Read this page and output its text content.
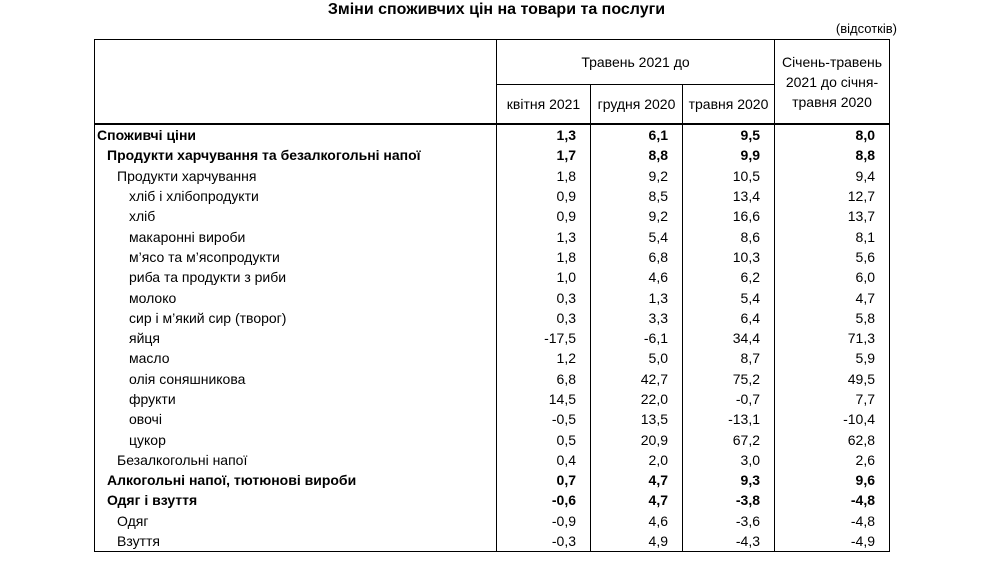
Зміни споживчих цін на товари та послуги
(відсотків)
	Травень 2021 до			Січень-травень 2021 до січня-травня 2020
	квітня 2021	грудня 2020	травня 2020	
Споживчі ціни	1,3	6,1	9,5	8,0
Продукти харчування та безалкогольні напої	1,7	8,8	9,9	8,8
Продукти харчування	1,8	9,2	10,5	9,4
хліб і хлібопродукти	0,9	8,5	13,4	12,7
хліб	0,9	9,2	16,6	13,7
макаронні вироби	1,3	5,4	8,6	8,1
м’ясо та м’ясопродукти	1,8	6,8	10,3	5,6
риба та продукти з риби	1,0	4,6	6,2	6,0
молоко	0,3	1,3	5,4	4,7
сир і м’який сир (творог)	0,3	3,3	6,4	5,8
яйця	-17,5	-6,1	34,4	71,3
масло	1,2	5,0	8,7	5,9
олія соняшникова	6,8	42,7	75,2	49,5
фрукти	14,5	22,0	-0,7	7,7
овочі	-0,5	13,5	-13,1	-10,4
цукор	0,5	20,9	67,2	62,8
Безалкогольні напої	0,4	2,0	3,0	2,6
Алкогольні напої, тютюнові вироби	0,7	4,7	9,3	9,6
Одяг і взуття	-0,6	4,7	-3,8	-4,8
Одяг	-0,9	4,6	-3,6	-4,8
Взуття	-0,3	4,9	-4,3	-4,9
